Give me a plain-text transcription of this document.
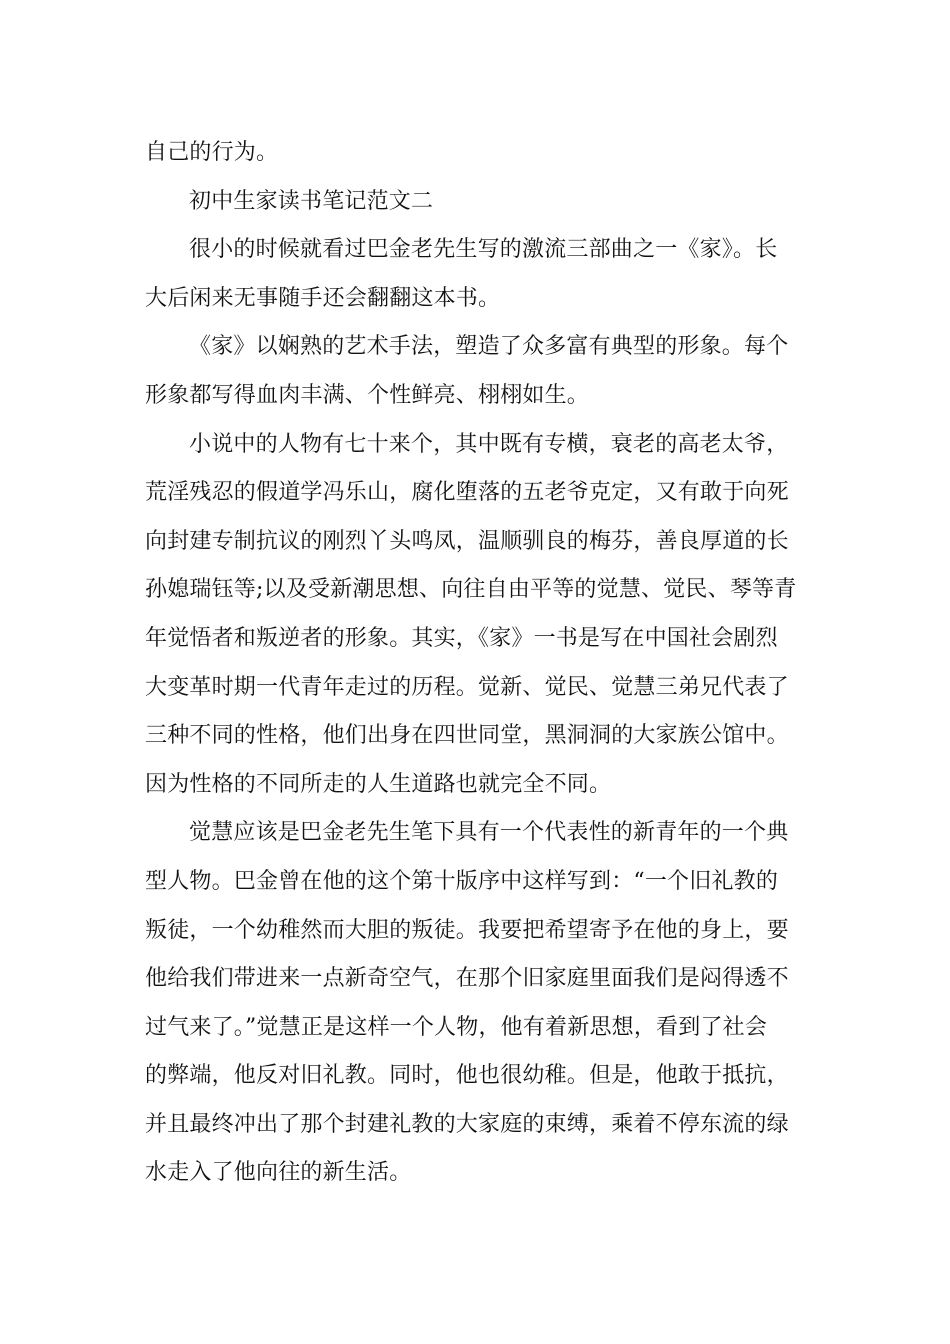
自己的行为。
初中生家读书笔记范文二
很小的时候就看过巴金老先生写的激流三部曲之一《家》。长
大后闲来无事随手还会翻翻这本书。
《家》以娴熟的艺术手法，塑造了众多富有典型的形象。每个
形象都写得血肉丰满、个性鲜亮、栩栩如生。
小说中的人物有七十来个，其中既有专横，衰老的高老太爷，
荒淫残忍的假道学冯乐山，腐化堕落的五老爷克定，又有敢于向死
向封建专制抗议的刚烈丫头鸣凤，温顺驯良的梅芬，善良厚道的长
孙媳瑞钰等;以及受新潮思想、向往自由平等的觉慧、觉民、琴等青
年觉悟者和叛逆者的形象。其实，《家》一书是写在中国社会剧烈
大变革时期一代青年走过的历程。觉新、觉民、觉慧三弟兄代表了
三种不同的性格，他们出身在四世同堂，黑洞洞的大家族公馆中。
因为性格的不同所走的人生道路也就完全不同。
觉慧应该是巴金老先生笔下具有一个代表性的新青年的一个典
型人物。巴金曾在他的这个第十版序中这样写到：“一个旧礼教的
叛徒，一个幼稚然而大胆的叛徒。我要把希望寄予在他的身上，要
他给我们带进来一点新奇空气，在那个旧家庭里面我们是闷得透不
过气来了。”觉慧正是这样一个人物，他有着新思想，看到了社会
的弊端，他反对旧礼教。同时，他也很幼稚。但是，他敢于抵抗，
并且最终冲出了那个封建礼教的大家庭的束缚，乘着不停东流的绿
水走入了他向往的新生活。
